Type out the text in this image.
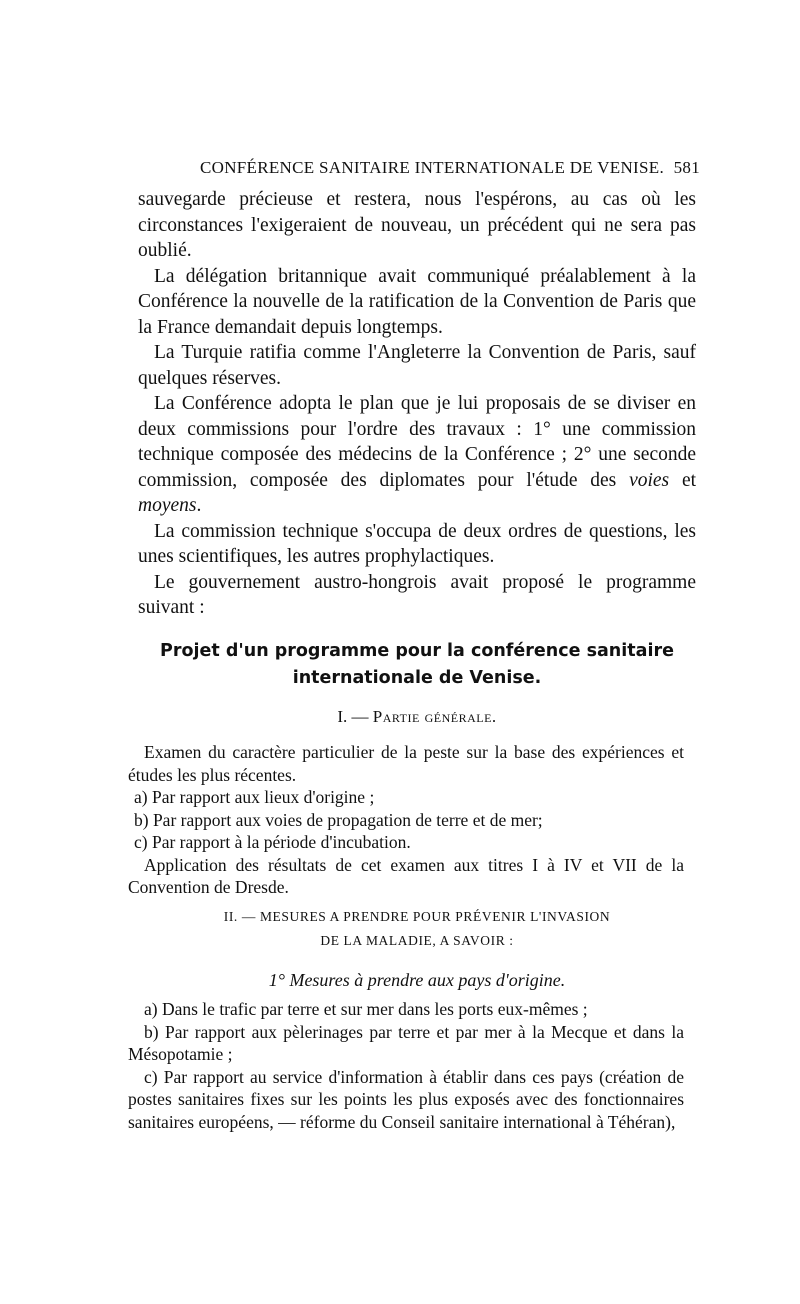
CONFÉRENCE SANITAIRE INTERNATIONALE DE VENISE. 581

sauvegarde précieuse et restera, nous l'espérons, au cas où les circonstances l'exigeraient de nouveau, un précédent qui ne sera pas oublié.

La délégation britannique avait communiqué préalablement à la Conférence la nouvelle de la ratification de la Convention de Paris que la France demandait depuis longtemps.

La Turquie ratifia comme l'Angleterre la Convention de Paris, sauf quelques réserves.

La Conférence adopta le plan que je lui proposais de se diviser en deux commissions pour l'ordre des travaux : 1° une commission technique composée des médecins de la Conférence ; 2° une seconde commission, composée des diplomates pour l'étude des voies et moyens.

La commission technique s'occupa de deux ordres de questions, les unes scientifiques, les autres prophylactiques.

Le gouvernement austro-hongrois avait proposé le programme suivant :

Projet d'un programme pour la conférence sanitaire
internationale de Venise.
I. — Partie générale.

Examen du caractère particulier de la peste sur la base des expériences et études les plus récentes.

a) Par rapport aux lieux d'origine ;

b) Par rapport aux voies de propagation de terre et de mer;

c) Par rapport à la période d'incubation.

Application des résultats de cet examen aux titres I à IV et VII de la Convention de Dresde.

II. — MESURES A PRENDRE POUR PRÉVENIR L'INVASION
DE LA MALADIE, A SAVOIR :
1° Mesures à prendre aux pays d'origine.

a) Dans le trafic par terre et sur mer dans les ports eux-mêmes ;

b) Par rapport aux pèlerinages par terre et par mer à la Mecque et dans la Mésopotamie ;

c) Par rapport au service d'information à établir dans ces pays (création de postes sanitaires fixes sur les points les plus exposés avec des fonctionnaires sanitaires européens, — réforme du Conseil sanitaire international à Téhéran),
